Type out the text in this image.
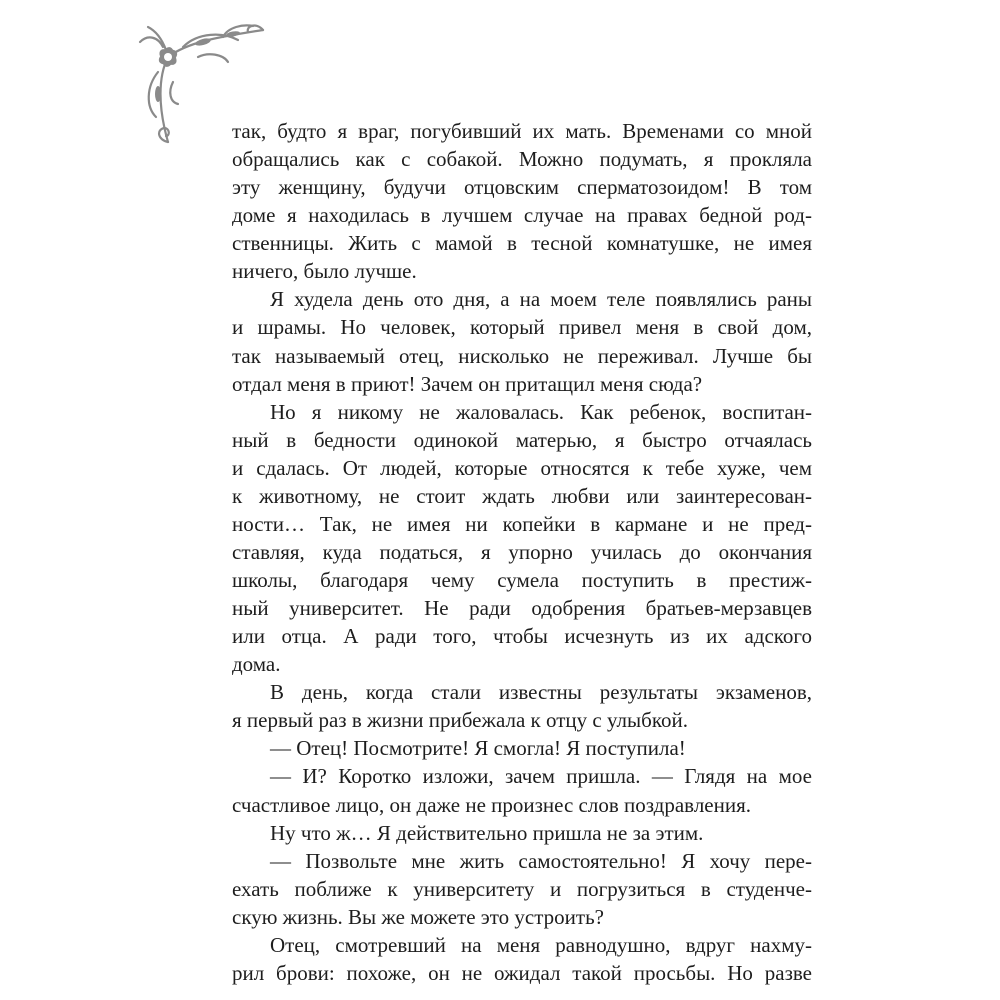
так, будто я враг, погубивший их мать. Временами со мной
обращались как с собакой. Можно подумать, я прокляла
эту женщину, будучи отцовским сперматозоидом! В том
доме я находилась в лучшем случае на правах бедной род-
ственницы. Жить с мамой в тесной комнатушке, не имея
ничего, было лучше.
Я худела день ото дня, а на моем теле появлялись раны
и шрамы. Но человек, который привел меня в свой дом,
так называемый отец, нисколько не переживал. Лучше бы
отдал меня в приют! Зачем он притащил меня сюда?
Но я никому не жаловалась. Как ребенок, воспитан-
ный в бедности одинокой матерью, я быстро отчаялась
и сдалась. От людей, которые относятся к тебе хуже, чем
к животному, не стоит ждать любви или заинтересован-
ности… Так, не имея ни копейки в кармане и не пред-
ставляя, куда податься, я упорно училась до окончания
школы, благодаря чему сумела поступить в престиж-
ный университет. Не ради одобрения братьев-мерзавцев
или отца. А ради того, чтобы исчезнуть из их адского
дома.
В день, когда стали известны результаты экзаменов,
я первый раз в жизни прибежала к отцу с улыбкой.
— Отец! Посмотрите! Я смогла! Я поступила!
— И? Коротко изложи, зачем пришла. — Глядя на мое
счастливое лицо, он даже не произнес слов поздравления.
Ну что ж… Я действительно пришла не за этим.
— Позвольте мне жить самостоятельно! Я хочу пере-
ехать поближе к университету и погрузиться в студенче-
скую жизнь. Вы же можете это устроить?
Отец, смотревший на меня равнодушно, вдруг нахму-
рил брови: похоже, он не ожидал такой просьбы. Но разве
